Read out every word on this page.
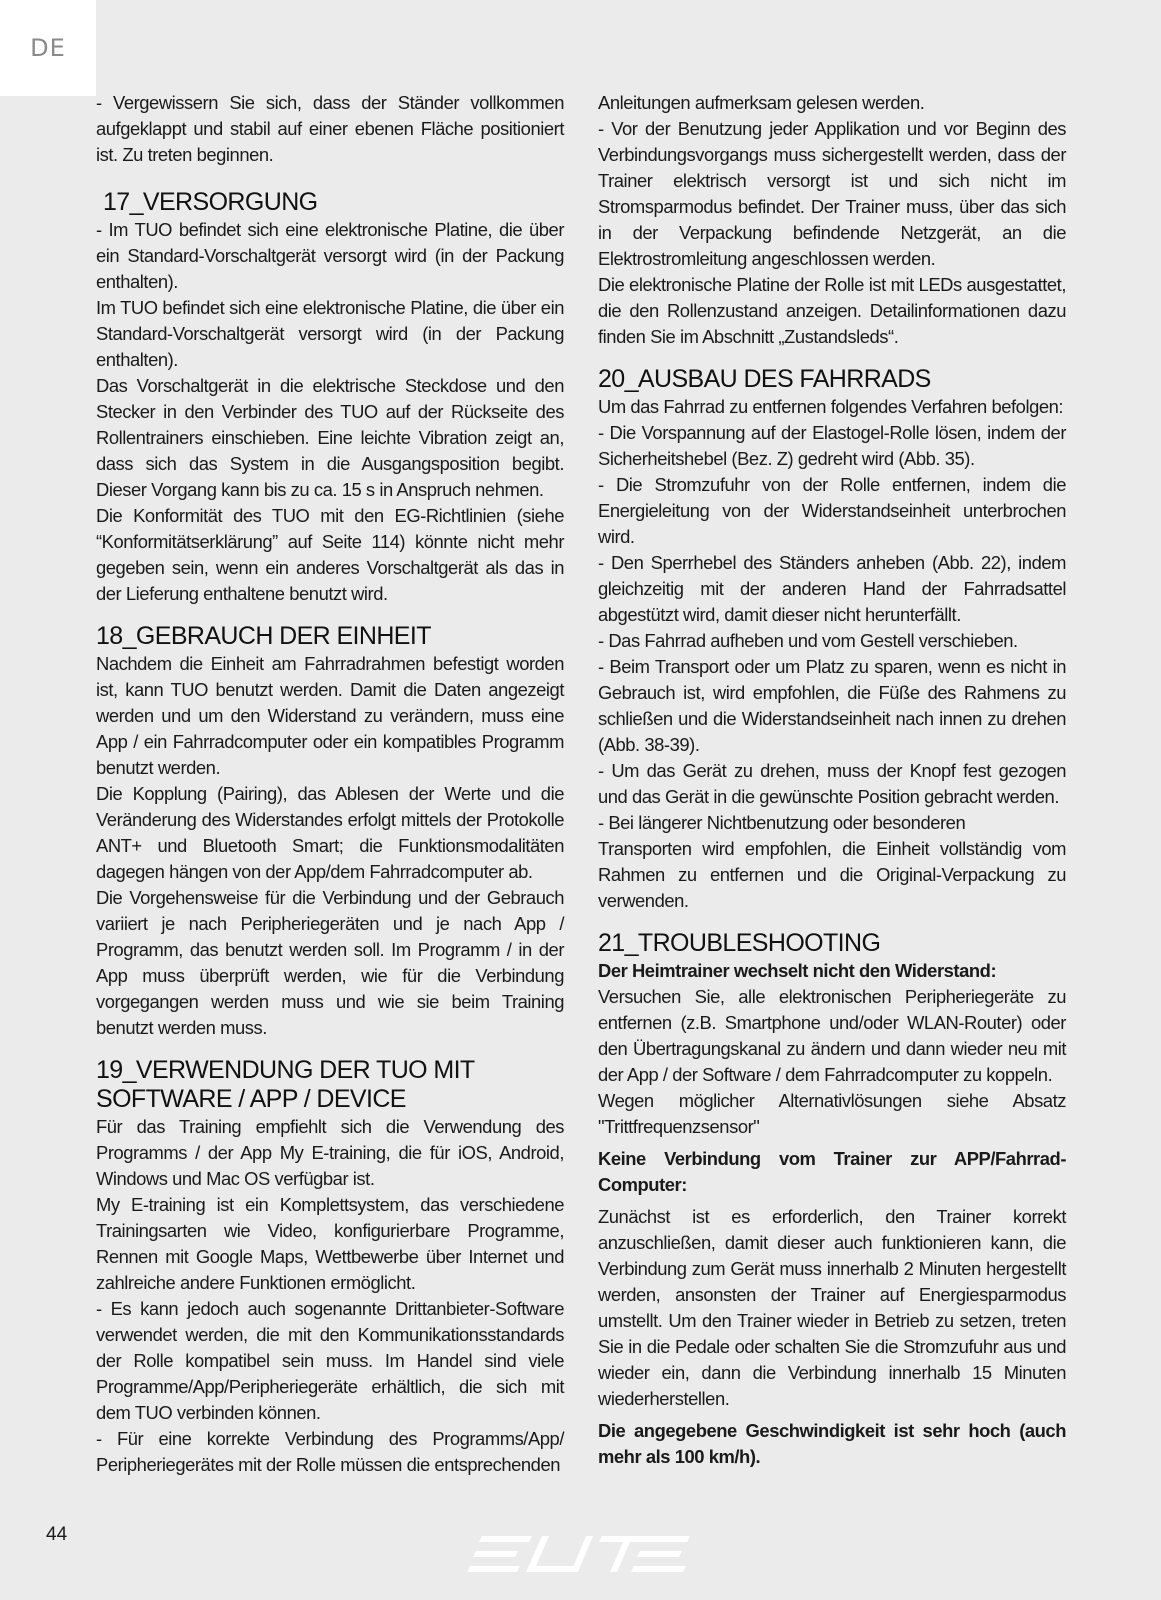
DE

- Vergewissern Sie sich, dass der Ständer vollkommen aufgeklappt und stabil auf einer ebenen Fläche positioniert ist. Zu treten beginnen.

17_VERSORGUNG

- Im TUO befindet sich eine elektronische Platine, die über ein Standard-Vorschaltgerät versorgt wird (in der Packung enthalten).

Im TUO befindet sich eine elektronische Platine, die über ein Standard-Vorschaltgerät versorgt wird (in der Packung enthalten).

Das Vorschaltgerät in die elektrische Steckdose und den Stecker in den Verbinder des TUO auf der Rückseite des Rollentrainers einschieben. Eine leichte Vibration zeigt an, dass sich das System in die Ausgangsposition begibt. Dieser Vorgang kann bis zu ca. 15 s in Anspruch nehmen.

Die Konformität des TUO mit den EG-Richtlinien (siehe “Konformitätserklärung” auf Seite 114) könnte nicht mehr gegeben sein, wenn ein anderes Vorschaltgerät als das in der Lieferung enthaltene benutzt wird.

18_GEBRAUCH DER EINHEIT

Nachdem die Einheit am Fahrradrahmen befestigt worden ist, kann TUO benutzt werden. Damit die Daten angezeigt werden und um den Widerstand zu verändern, muss eine App / ein Fahrradcomputer oder ein kompatibles Programm benutzt werden.

Die Kopplung (Pairing), das Ablesen der Werte und die Veränderung des Widerstandes erfolgt mittels der Protokolle ANT+ und Bluetooth Smart; die Funktionsmodalitäten dagegen hängen von der App/dem Fahrradcomputer ab.

Die Vorgehensweise für die Verbindung und der Gebrauch variiert je nach Peripheriegeräten und je nach App / Programm, das benutzt werden soll. Im Programm / in der App muss überprüft werden, wie für die Verbindung vorgegangen werden muss und wie sie beim Training benutzt werden muss.

19_VERWENDUNG DER TUO MIT
SOFTWARE / APP / DEVICE

Für das Training empfiehlt sich die Verwendung des Programms / der App My E-training, die für iOS, Android, Windows und Mac OS verfügbar ist.

My E-training ist ein Komplettsystem, das verschiedene Trainingsarten wie Video, konfigurierbare Programme, Rennen mit Google Maps, Wettbewerbe über Internet und zahlreiche andere Funktionen ermöglicht.

- Es kann jedoch auch sogenannte Drittanbieter-Software verwendet werden, die mit den Kommunikationsstandards der Rolle kompatibel sein muss. Im Handel sind viele Programme/App/Peripheriegeräte erhältlich, die sich mit dem TUO verbinden können.

- Für eine korrekte Verbindung des Programms/App/ Peripheriegerätes mit der Rolle müssen die entsprechenden

Anleitungen aufmerksam gelesen werden.

- Vor der Benutzung jeder Applikation und vor Beginn des Verbindungsvorgangs muss sichergestellt werden, dass der Trainer elektrisch versorgt ist und sich nicht im Stromsparmodus befindet. Der Trainer muss, über das sich in der Verpackung befindende Netzgerät, an die Elektrostromleitung angeschlossen werden.

Die elektronische Platine der Rolle ist mit LEDs ausgestattet, die den Rollenzustand anzeigen. Detailinformationen dazu finden Sie im Abschnitt „Zustandsleds“.

20_AUSBAU DES FAHRRADS

Um das Fahrrad zu entfernen folgendes Verfahren befolgen:

- Die Vorspannung auf der Elastogel-Rolle lösen, indem der Sicherheitshebel (Bez. Z) gedreht wird (Abb. 35).

- Die Stromzufuhr von der Rolle entfernen, indem die Energieleitung von der Widerstandseinheit unterbrochen wird.

- Den Sperrhebel des Ständers anheben (Abb. 22), indem gleichzeitig mit der anderen Hand der Fahrradsattel abgestützt wird, damit dieser nicht herunterfällt.

- Das Fahrrad aufheben und vom Gestell verschieben.

- Beim Transport oder um Platz zu sparen, wenn es nicht in Gebrauch ist, wird empfohlen, die Füße des Rahmens zu schließen und die Widerstandseinheit nach innen zu drehen (Abb. 38-39).

- Um das Gerät zu drehen, muss der Knopf fest gezogen und das Gerät in die gewünschte Position gebracht werden.

- Bei längerer Nichtbenutzung oder besonderen

Transporten wird empfohlen, die Einheit vollständig vom Rahmen zu entfernen und die Original-Verpackung zu verwenden.

21_TROUBLESHOOTING

Der Heimtrainer wechselt nicht den Widerstand:

Versuchen Sie, alle elektronischen Peripheriegeräte zu entfernen (z.B. Smartphone und/oder WLAN-Router) oder den Übertragungskanal zu ändern und dann wieder neu mit der App / der Software / dem Fahrradcomputer zu koppeln.

Wegen möglicher Alternativlösungen siehe Absatz "Trittfrequenzsensor"

Keine Verbindung vom Trainer zur APP/Fahrrad-Computer:

Zunächst ist es erforderlich, den Trainer korrekt anzuschließen, damit dieser auch funktionieren kann, die Verbindung zum Gerät muss innerhalb 2 Minuten hergestellt werden, ansonsten der Trainer auf Energiesparmodus umstellt. Um den Trainer wieder in Betrieb zu setzen, treten Sie in die Pedale oder schalten Sie die Stromzufuhr aus und wieder ein, dann die Verbindung innerhalb 15 Minuten wiederherstellen.

Die angegebene Geschwindigkeit ist sehr hoch (auch mehr als 100 km/h).

44
